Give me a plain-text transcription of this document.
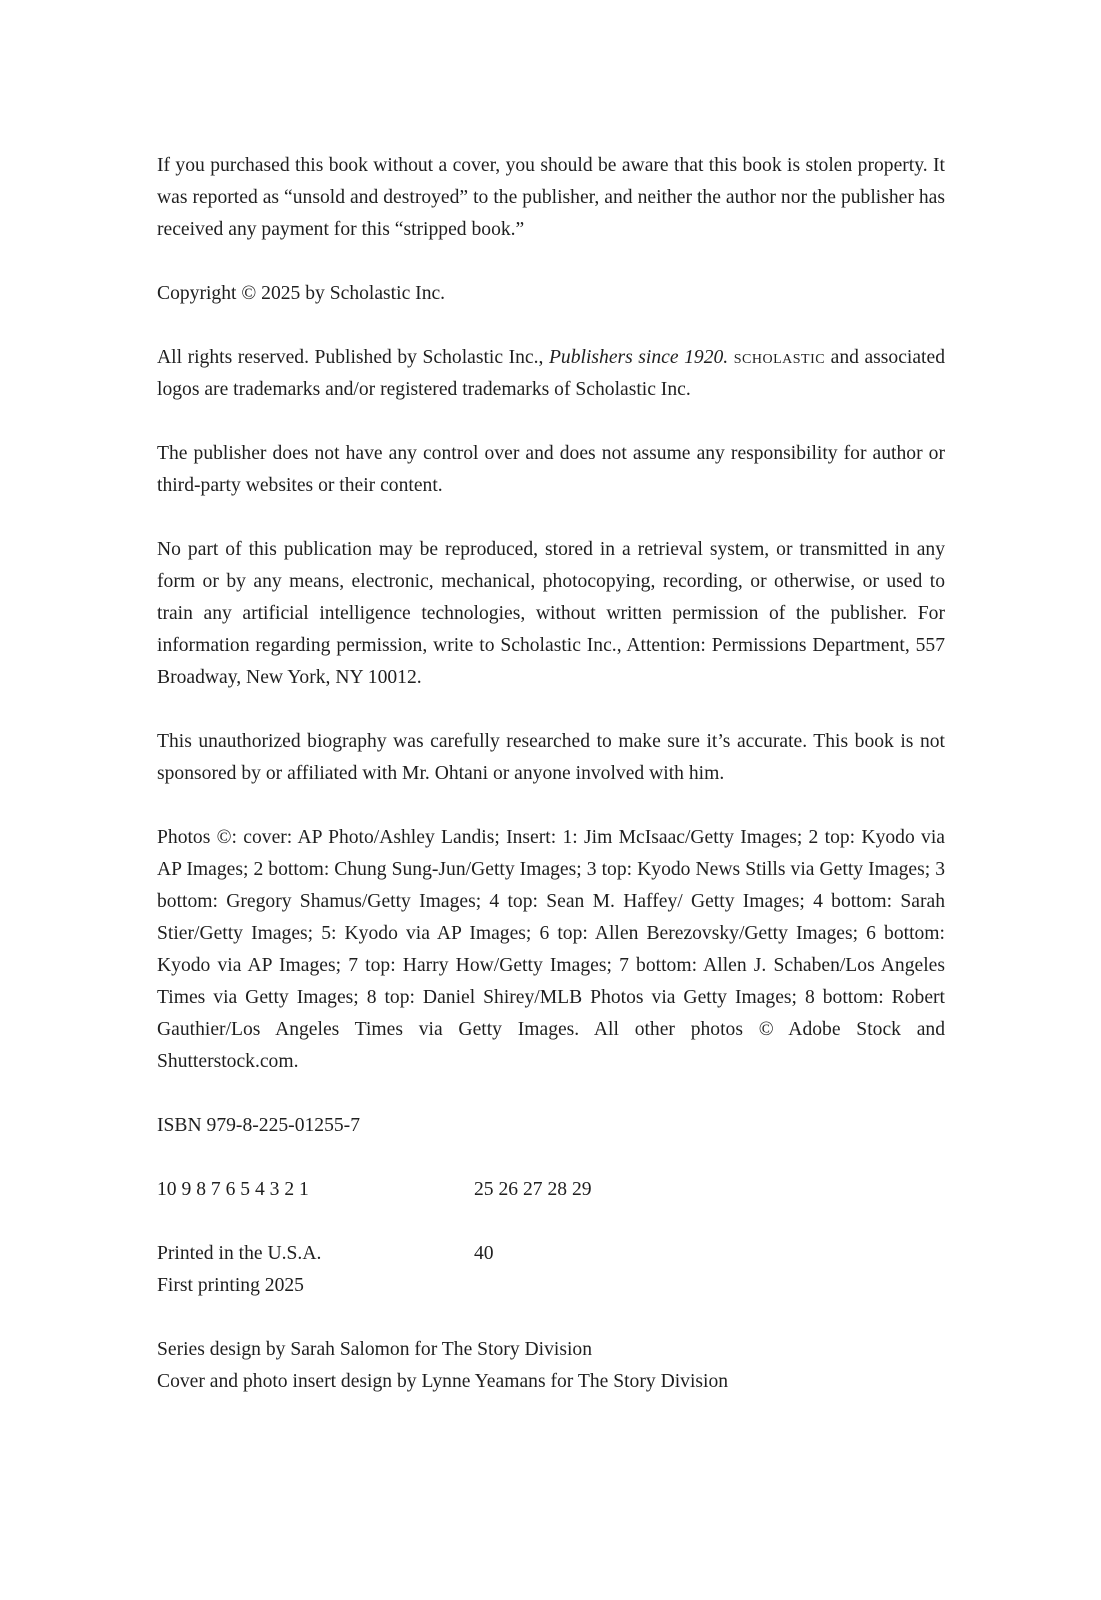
If you purchased this book without a cover, you should be aware that this book is stolen property. It was reported as “unsold and destroyed” to the publisher, and neither the author nor the publisher has received any payment for this “stripped book.”

Copyright © 2025 by Scholastic Inc.

All rights reserved. Published by Scholastic Inc., Publishers since 1920. scholastic and associated logos are trademarks and/or registered trademarks of Scholastic Inc.

The publisher does not have any control over and does not assume any responsibility for author or third-party websites or their content.

No part of this publication may be reproduced, stored in a retrieval system, or transmitted in any form or by any means, electronic, mechanical, photocopying, recording, or otherwise, or used to train any artificial intelligence technologies, without written permission of the publisher. For information regarding permission, write to Scholastic Inc., Attention: Permissions Department, 557 Broadway, New York, NY 10012.

This unauthorized biography was carefully researched to make sure it’s accurate. This book is not sponsored by or affiliated with Mr. Ohtani or anyone involved with him.

Photos ©: cover: AP Photo/Ashley Landis; Insert: 1: Jim McIsaac/Getty Images; 2 top: Kyodo via AP Images; 2 bottom: Chung Sung-Jun/Getty Images; 3 top: Kyodo News Stills via Getty Images; 3 bottom: Gregory Shamus/Getty Images; 4 top: Sean M. Haffey/ Getty Images; 4 bottom: Sarah Stier/Getty Images; 5: Kyodo via AP Images; 6 top: Allen Berezovsky/Getty Images; 6 bottom: Kyodo via AP Images; 7 top: Harry How/Getty Images; 7 bottom: Allen J. Schaben/Los Angeles Times via Getty Images; 8 top: Daniel Shirey/MLB Photos via Getty Images; 8 bottom: Robert Gauthier/Los Angeles Times via Getty Images. All other photos © Adobe Stock and Shutterstock.com.

ISBN 979-8-225-01255-7

10 9 8 7 6 5 4 3 2 1	25 26 27 28 29
Printed in the U.S.A.	40
First printing 2025
Series design by Sarah Salomon for The Story Division
Cover and photo insert design by Lynne Yeamans for The Story Division
